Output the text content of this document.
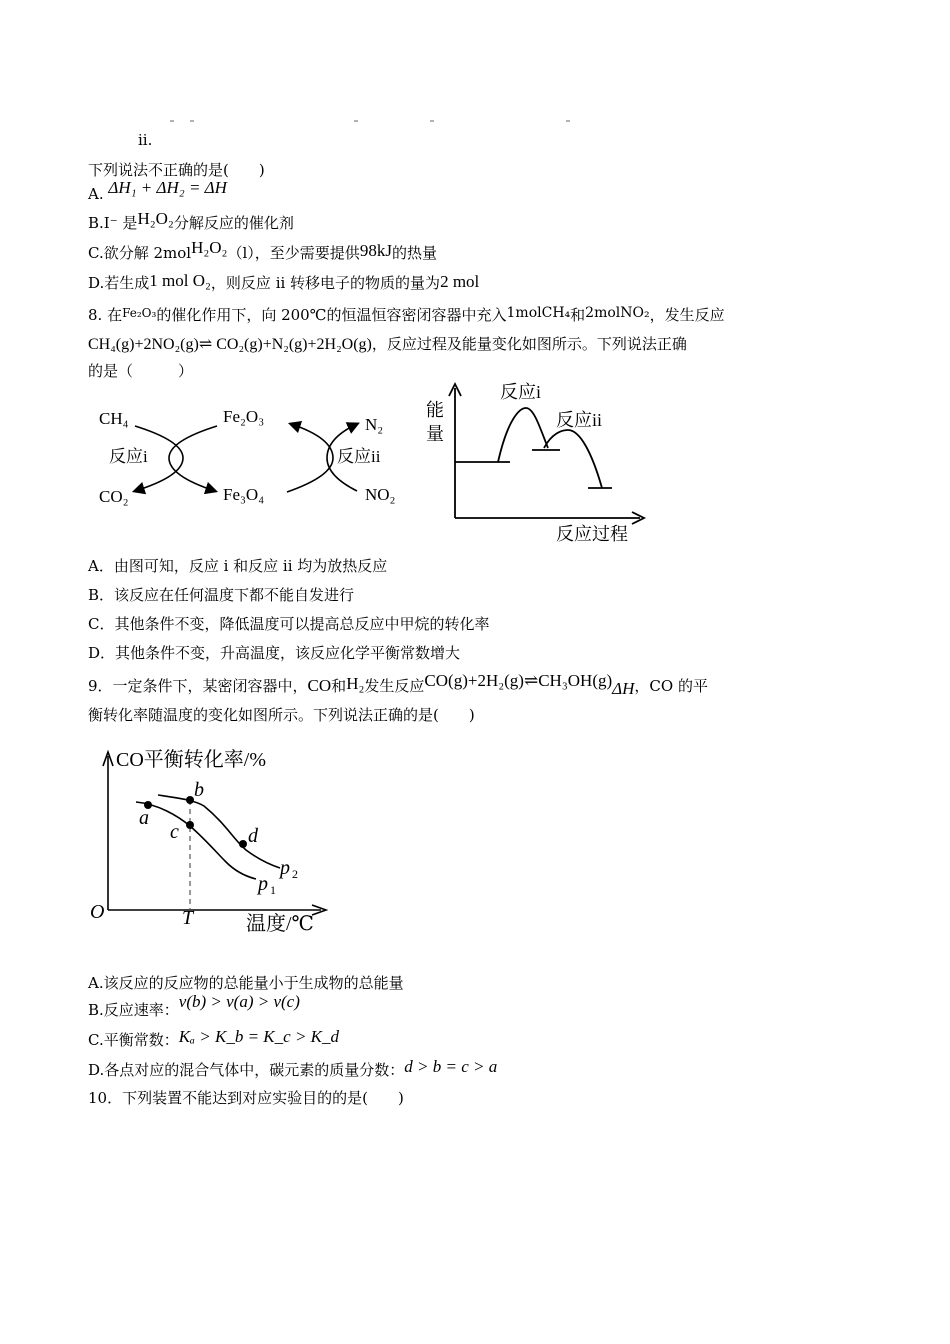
ii.
下列说法不正确的是(　　)
A. ΔH₁ + ΔH₂ = ΔH
B.I⁻ 是H₂O₂分解反应的催化剂
C.欲分解 2molH₂O₂（l），至少需要提供98kJ的热量
D.若生成1 mol O₂，则反应 ii 转移电子的物质的量为2 mol
8. 在$^{Fe_2O_3}$的催化作用下，向 200℃的恒温恒容密闭容器中充入1molCH₄和2molNO₂，发生反应
CH₄(g)+2NO₂(g)⇌ CO₂(g)+N₂(g)+2H₂O(g)，反应过程及能量变化如图所示。下列说法正确
的是（　　　）
CH₄
反应i
CO₂
Fe₂O₃
Fe₃O₄
N₂
反应ii
NO₂
能
量
反应i
反应ii
反应过程
A．由图可知，反应 i 和反应 ii 均为放热反应
B．该反应在任何温度下都不能自发进行
C．其他条件不变，降低温度可以提高总反应中甲烷的转化率
D．其他条件不变，升高温度，该反应化学平衡常数增大
9．一定条件下，某密闭容器中，CO和H₂发生反应CO(g)+2H₂(g)⇌CH₃OH(g)ΔH，CO 的平
衡转化率随温度的变化如图所示。下列说法正确的是(　　)
CO平衡转化率/%
温度/℃
O	T
a
b
c	d
p 1
p 2
A.该反应的反应物的总能量小于生成物的总能量
B.反应速率：v(b) > v(a) > v(c)
C.平衡常数：Kₐ > K_b = K_c > K_d
D.各点对应的混合气体中，碳元素的质量分数：d > b = c > a
10．下列装置不能达到对应实验目的的是(　　)
